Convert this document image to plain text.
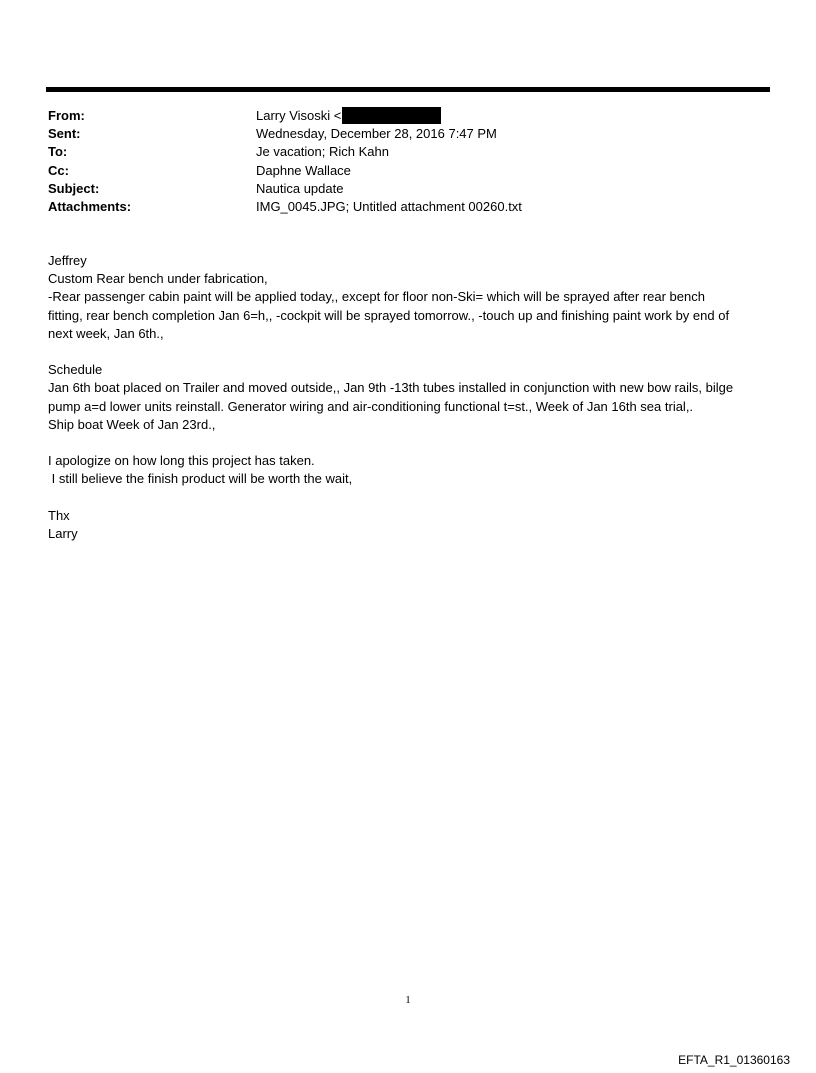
From:	Larry Visoski <
Sent:	Wednesday, December 28, 2016 7:47 PM
To:	Je vacation; Rich Kahn
Cc:	Daphne Wallace
Subject:	Nautica update
Attachments:	IMG_0045.JPG; Untitled attachment 00260.txt

Jeffrey

Custom Rear bench under fabrication,

-Rear passenger cabin paint will be applied today,, except for floor non-Ski= which will be sprayed after rear bench

fitting, rear bench completion Jan 6=h,, -cockpit will be sprayed tomorrow., -touch up and finishing paint work by end of

next week, Jan 6th.,

Schedule

Jan 6th boat placed on Trailer and moved outside,, Jan 9th -13th tubes installed in conjunction with new bow rails, bilge

pump a=d lower units reinstall. Generator wiring and air-conditioning functional t=st., Week of Jan 16th sea trial,.

Ship boat Week of Jan 23rd.,

I apologize on how long this project has taken.

I still believe the finish product will be worth the wait,

Thx

Larry

1
EFTA_R1_01360163
